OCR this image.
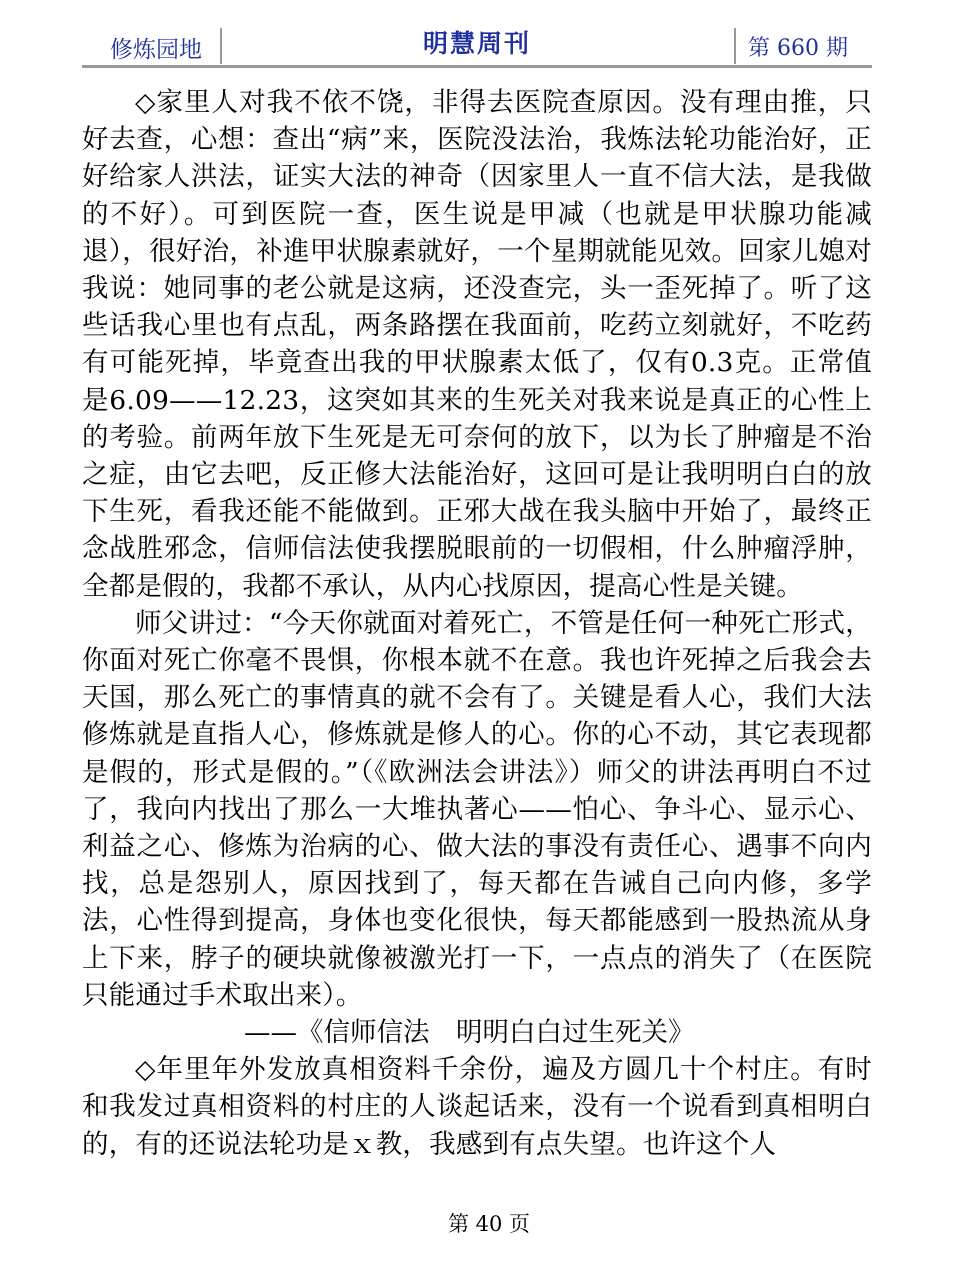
修炼园地	明慧周刊	第 660 期

◇家里人对我不依不饶，非得去医院查原因。没有理由推，只好去查，心想：查出“病”来，医院没法治，我炼法轮功能治好，正好给家人洪法，证实大法的神奇（因家里人一直不信大法，是我做的不好）。可到医院一查，医生说是甲减（也就是甲状腺功能减退），很好治，补進甲状腺素就好，一个星期就能见效。回家儿媳对我说：她同事的老公就是这病，还没查完，头一歪死掉了。听了这些话我心里也有点乱，两条路摆在我面前，吃药立刻就好，不吃药有可能死掉，毕竟查出我的甲状腺素太低了，仅有0.3克。正常值是6.09——12.23，这突如其来的生死关对我来说是真正的心性上的考验。前两年放下生死是无可奈何的放下，以为长了肿瘤是不治之症，由它去吧，反正修大法能治好，这回可是让我明明白白的放下生死，看我还能不能做到。正邪大战在我头脑中开始了，最终正念战胜邪念，信师信法使我摆脱眼前的一切假相，什么肿瘤浮肿，全都是假的，我都不承认，从内心找原因，提高心性是关键。

师父讲过：“今天你就面对着死亡，不管是任何一种死亡形式，你面对死亡你毫不畏惧，你根本就不在意。我也许死掉之后我会去天国，那么死亡的事情真的就不会有了。关键是看人心，我们大法修炼就是直指人心，修炼就是修人的心。你的心不动，其它表现都是假的，形式是假的。”（《欧洲法会讲法》）师父的讲法再明白不过了，我向内找出了那么一大堆执著心——怕心、争斗心、显示心、利益之心、修炼为治病的心、做大法的事没有责任心、遇事不向内找，总是怨别人，原因找到了，每天都在告诫自己向内修，多学法，心性得到提高，身体也变化很快，每天都能感到一股热流从身上下来，脖子的硬块就像被激光打一下，一点点的消失了（在医院只能通过手术取出来）。

——《信师信法　明明白白过生死关》

◇年里年外发放真相资料千余份，遍及方圆几十个村庄。有时和我发过真相资料的村庄的人谈起话来，没有一个说看到真相明白的，有的还说法轮功是ｘ教，我感到有点失望。也许这个人

第 40 页
